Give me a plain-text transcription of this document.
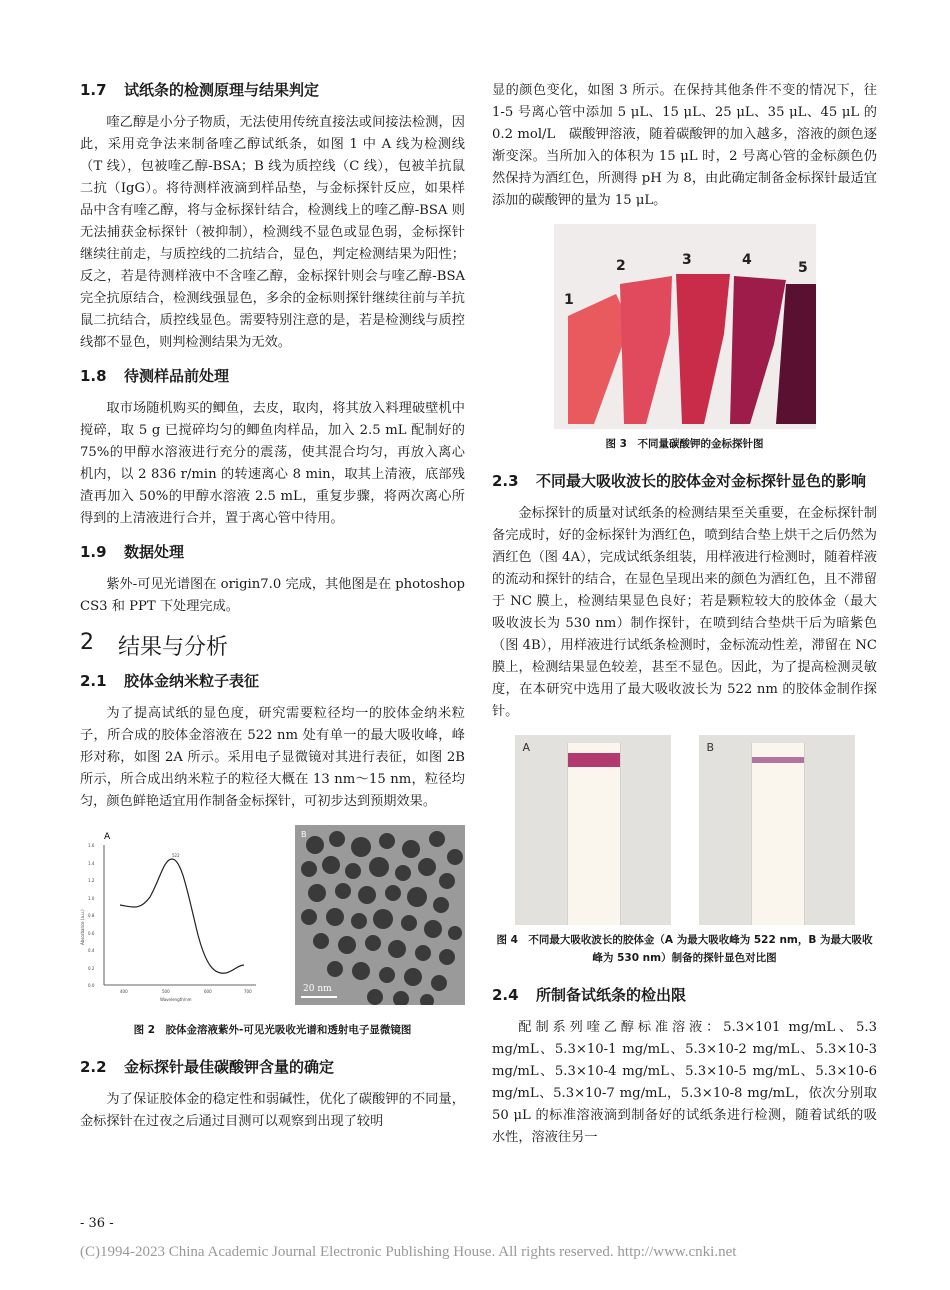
1.7	试纸条的检测原理与结果判定

喹乙醇是小分子物质，无法使用传统直接法或间接法检测，因此，采用竞争法来制备喹乙醇试纸条，如图 1 中 A 线为检测线（T 线），包被喹乙醇-BSA；B 线为质控线（C 线），包被羊抗鼠二抗（IgG）。将待测样液滴到样品垫，与金标探针反应，如果样品中含有喹乙醇，将与金标探针结合，检测线上的喹乙醇-BSA 则无法捕获金标探针（被抑制），检测线不显色或显色弱，金标探针继续往前走，与质控线的二抗结合，显色，判定检测结果为阳性；反之，若是待测样液中不含喹乙醇，金标探针则会与喹乙醇-BSA 完全抗原结合，检测线强显色，多余的金标则探针继续往前与羊抗鼠二抗结合，质控线显色。需要特别注意的是，若是检测线与质控线都不显色，则判检测结果为无效。

1.8	待测样品前处理

取市场随机购买的鲫鱼，去皮，取肉，将其放入料理破壁机中搅碎，取 5 g 已搅碎均匀的鲫鱼肉样品，加入 2.5 mL 配制好的 75%的甲醇水溶液进行充分的震荡，使其混合均匀，再放入离心机内，以 2 836 r/min 的转速离心 8 min，取其上清液，底部残渣再加入 50%的甲醇水溶液 2.5 mL，重复步骤，将两次离心所得到的上清液进行合并，置于离心管中待用。

1.9	数据处理

紫外-可见光谱图在 origin7.0 完成，其他图是在 photoshop CS3 和 PPT 下处理完成。

2	结果与分析
2.1	胶体金纳米粒子表征

为了提高试纸的显色度，研究需要粒径均一的胶体金纳米粒子，所合成的胶体金溶液在 522 nm 处有单一的最大吸收峰，峰形对称，如图 2A 所示。采用电子显微镜对其进行表征，如图 2B 所示，所合成出纳米粒子的粒径大概在 13 nm～15 nm，粒径均匀，颜色鲜艳适宜用作制备金标探针，可初步达到预期效果。

A
1.6
1.4
1.2
1.0
0.8
0.6
0.4
0.2
0.0
400	500	600	700
Wavelength/nm
Absorbance (a.u.)
522
20 nm
B
图 2　胶体金溶液紫外-可见光吸收光谱和透射电子显微镜图
2.2	金标探针最佳碳酸钾含量的确定

为了保证胶体金的稳定性和弱碱性，优化了碳酸钾的不同量，金标探针在过夜之后通过目测可以观察到出现了较明

显的颜色变化，如图 3 所示。在保持其他条件不变的情况下，往 1-5 号离心管中添加 5 μL、15 μL、25 μL、35 μL、45 μL 的 0.2 mol/L　碳酸钾溶液，随着碳酸钾的加入越多，溶液的颜色逐渐变深。当所加入的体积为 15 μL 时，2 号离心管的金标颜色仍然保持为酒红色，所测得 pH 为 8，由此确定制备金标探针最适宜添加的碳酸钾的量为 15 μL。

1
2	3	4	5
图 3　不同量碳酸钾的金标探针图
2.3	不同最大吸收波长的胶体金对金标探针显色的影响

金标探针的质量对试纸条的检测结果至关重要，在金标探针制备完成时，好的金标探针为酒红色，喷到结合垫上烘干之后仍然为酒红色（图 4A），完成试纸条组装，用样液进行检测时，随着样液的流动和探针的结合，在显色呈现出来的颜色为酒红色，且不滞留于 NC 膜上，检测结果显色良好；若是颗粒较大的胶体金（最大吸收波长为 530 nm）制作探针，在喷到结合垫烘干后为暗紫色（图 4B），用样液进行试纸条检测时，金标流动性差，滞留在 NC 膜上，检测结果显色较差，甚至不显色。因此，为了提高检测灵敏度，在本研究中选用了最大吸收波长为 522 nm 的胶体金制作探针。

A	B
图 4　不同最大吸收波长的胶体金（A 为最大吸收峰为 522 nm，B 为最大吸收峰为 530 nm）制备的探针显色对比图
2.4	所制备试纸条的检出限

配制系列喹乙醇标准溶液：5.3×101 mg/mL、5.3 mg/mL、5.3×10-1 mg/mL、5.3×10-2 mg/mL、5.3×10-3 mg/mL、5.3×10-4 mg/mL、5.3×10-5 mg/mL、5.3×10-6 mg/mL、5.3×10-7 mg/mL，5.3×10-8 mg/mL，依次分别取 50 μL 的标准溶液滴到制备好的试纸条进行检测，随着试纸的吸水性，溶液往另一

- 36 -
(C)1994-2023 China Academic Journal Electronic Publishing House. All rights reserved. http://www.cnki.net
